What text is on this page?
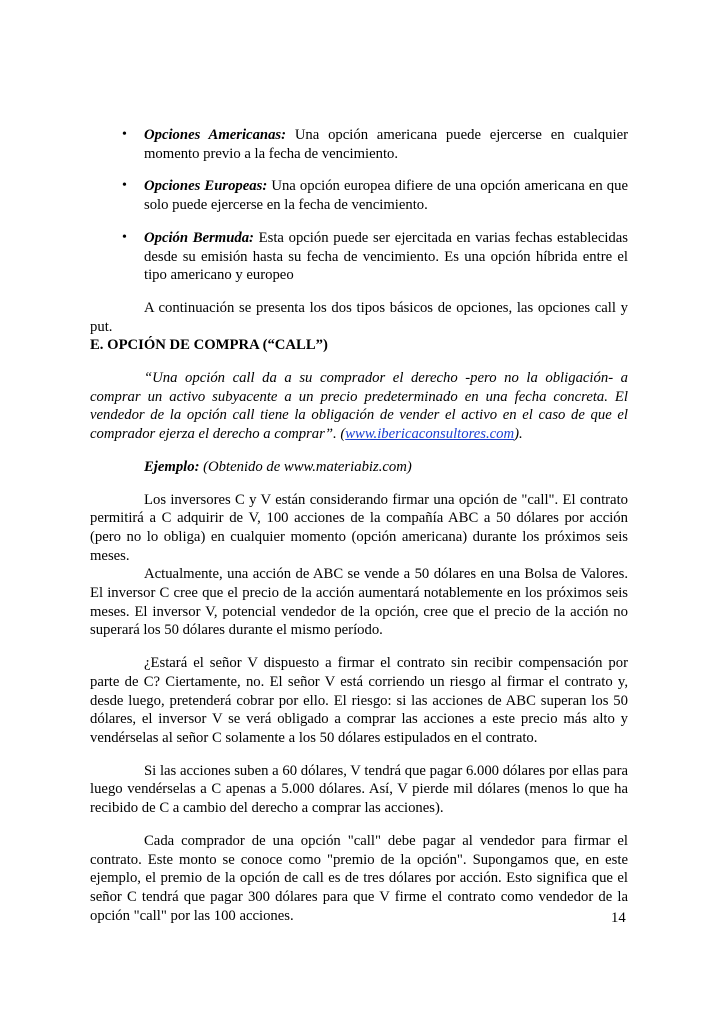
• Opciones Americanas: Una opción americana puede ejercerse en cualquier momento previo a la fecha de vencimiento.
• Opciones Europeas: Una opción europea difiere de una opción americana en que solo puede ejercerse en la fecha de vencimiento.
• Opción Bermuda: Esta opción puede ser ejercitada en varias fechas establecidas desde su emisión hasta su fecha de vencimiento. Es una opción híbrida entre el tipo americano y europeo

A continuación se presenta los dos tipos básicos de opciones, las opciones call y put.

E. OPCIÓN DE COMPRA (“CALL”)

“Una opción call da a su comprador el derecho -pero no la obligación- a comprar un activo subyacente a un precio predeterminado en una fecha concreta. El vendedor de la opción call tiene la obligación de vender el activo en el caso de que el comprador ejerza el derecho a comprar”. (www.ibericaconsultores.com).

Ejemplo: (Obtenido de www.materiabiz.com)

Los inversores C y V están considerando firmar una opción de "call". El contrato permitirá a C adquirir de V, 100 acciones de la compañía ABC a 50 dólares por acción (pero no lo obliga) en cualquier momento (opción americana) durante los próximos seis meses.

Actualmente, una acción de ABC se vende a 50 dólares en una Bolsa de Valores. El inversor C cree que el precio de la acción aumentará notablemente en los próximos seis meses. El inversor V, potencial vendedor de la opción, cree que el precio de la acción no superará los 50 dólares durante el mismo período.

¿Estará el señor V dispuesto a firmar el contrato sin recibir compensación por parte de C? Ciertamente, no. El señor V está corriendo un riesgo al firmar el contrato y, desde luego, pretenderá cobrar por ello. El riesgo: si las acciones de ABC superan los 50 dólares, el inversor V se verá obligado a comprar las acciones a este precio más alto y vendérselas al señor C solamente a los 50 dólares estipulados en el contrato.

Si las acciones suben a 60 dólares, V tendrá que pagar 6.000 dólares por ellas para luego vendérselas a C apenas a 5.000 dólares. Así, V pierde mil dólares (menos lo que ha recibido de C a cambio del derecho a comprar las acciones).

Cada comprador de una opción "call" debe pagar al vendedor para firmar el contrato. Este monto se conoce como "premio de la opción". Supongamos que, en este ejemplo, el premio de la opción de call es de tres dólares por acción. Esto significa que el señor C tendrá que pagar 300 dólares para que V firme el contrato como vendedor de la opción "call" por las 100 acciones.	14
